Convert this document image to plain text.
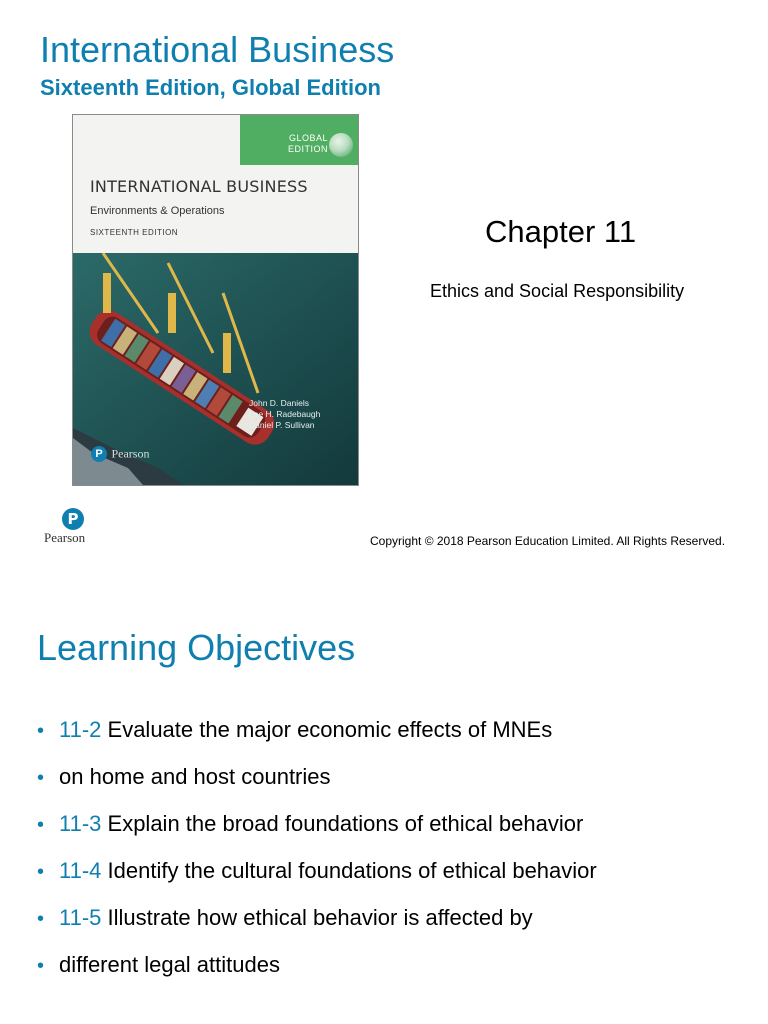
International Business
Sixteenth Edition, Global Edition
GLOBAL
EDITION
INTERNATIONAL BUSINESS
Environments & Operations
SIXTEENTH EDITION
John D. Daniels
Lee H. Radebaugh
Daniel P. Sullivan
P Pearson
Chapter 11
Ethics and Social Responsibility
P
Pearson	Copyright © 2018 Pearson Education Limited. All Rights Reserved.
Learning Objectives
• 11-2 Evaluate the major economic effects of MNEs
• on home and host countries
• 11-3 Explain the broad foundations of ethical behavior
• 11-4 Identify the cultural foundations of ethical behavior
• 11-5 Illustrate how ethical behavior is affected by
• different legal attitudes
